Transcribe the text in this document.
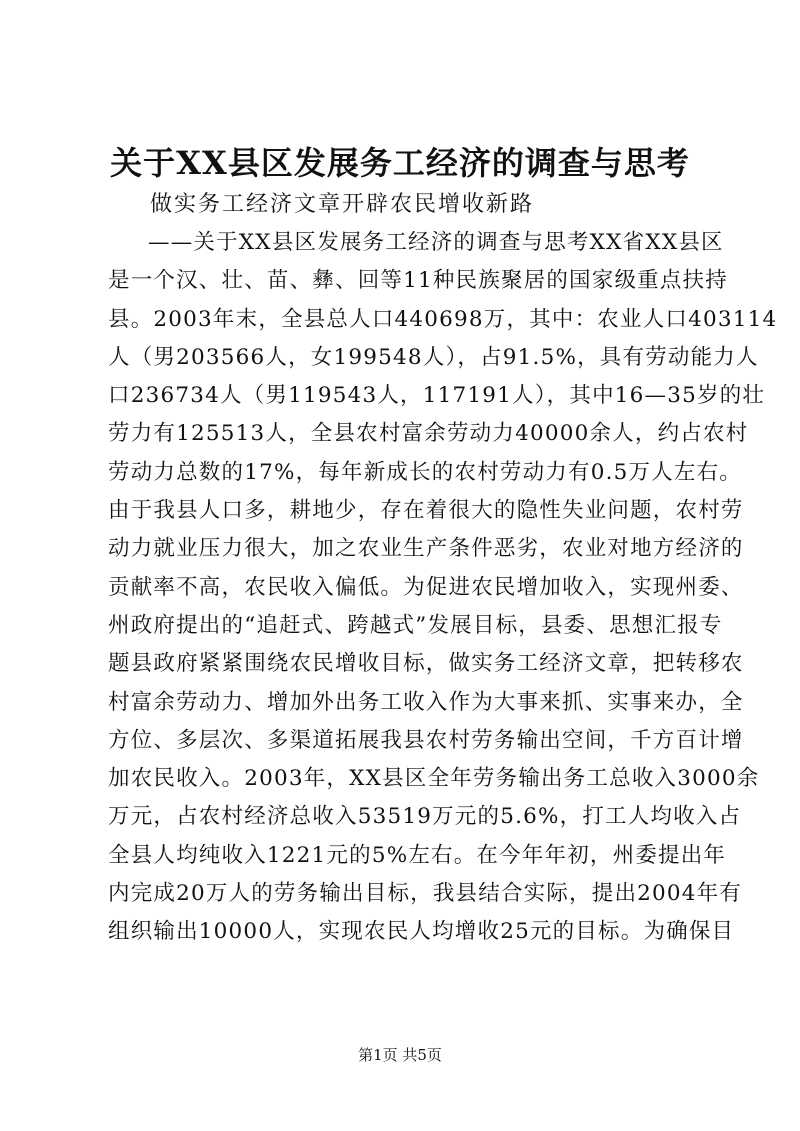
关于XX县区发展务工经济的调查与思考
做实务工经济文章开辟农民增收新路
——关于XX县区发展务工经济的调查与思考XX省XX县区
是一个汉、壮、苗、彝、回等11种民族聚居的国家级重点扶持
县。2003年末，全县总人口440698万，其中：农业人口403114
人（男203566人，女199548人），占91.5%，具有劳动能力人
口236734人（男119543人，117191人），其中16—35岁的壮
劳力有125513人，全县农村富余劳动力40000余人，约占农村
劳动力总数的17%，每年新成长的农村劳动力有0.5万人左右。
由于我县人口多，耕地少，存在着很大的隐性失业问题，农村劳
动力就业压力很大，加之农业生产条件恶劣，农业对地方经济的
贡献率不高，农民收入偏低。为促进农民增加收入，实现州委、
州政府提出的“追赶式、跨越式”发展目标，县委、思想汇报专
题县政府紧紧围绕农民增收目标，做实务工经济文章，把转移农
村富余劳动力、增加外出务工收入作为大事来抓、实事来办，全
方位、多层次、多渠道拓展我县农村劳务输出空间，千方百计增
加农民收入。2003年，XX县区全年劳务输出务工总收入3000余
万元，占农村经济总收入53519万元的5.6%，打工人均收入占
全县人均纯收入1221元的5%左右。在今年年初，州委提出年
内完成20万人的劳务输出目标，我县结合实际，提出2004年有
组织输出10000人，实现农民人均增收25元的目标。为确保目
第1页 共5页
